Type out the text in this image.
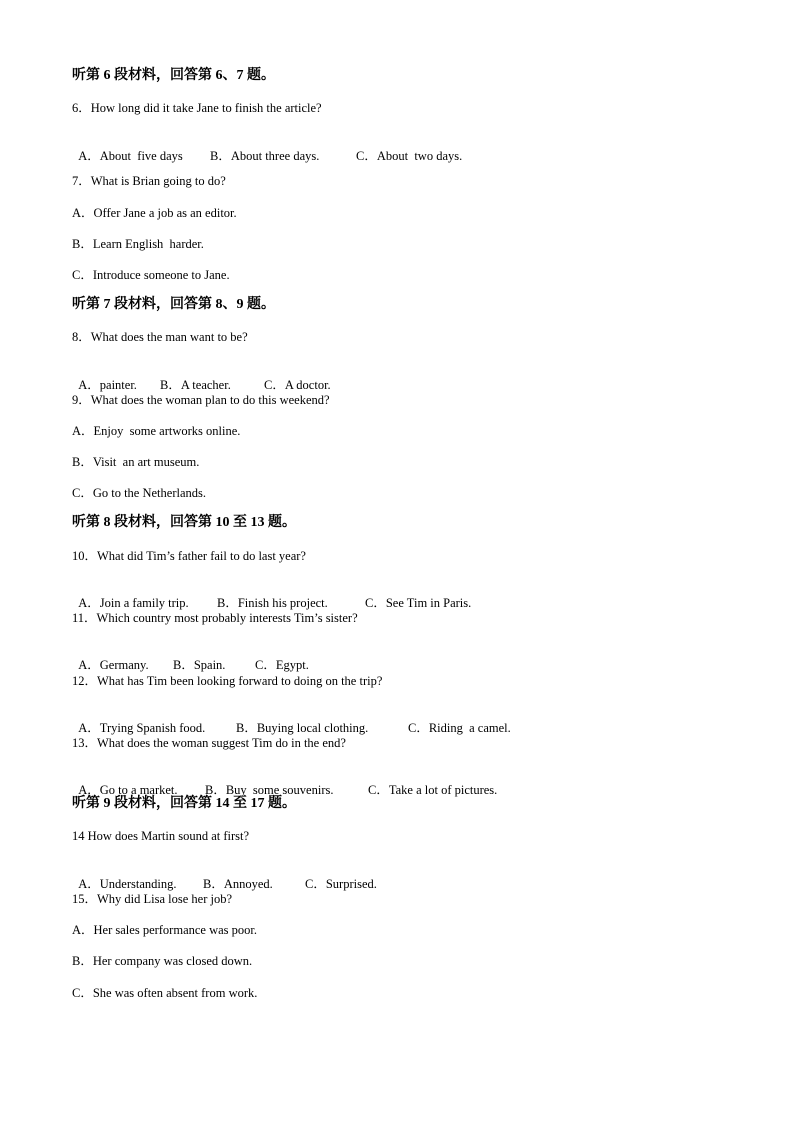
听第 6 段材料，回答第 6、7 题。
6．How long did it take Jane to finish the article?

A．About  five days B．About three days.	C．About  two days.

7．What is Brian going to do?
A．Offer Jane a job as an editor.
B．Learn English  harder.
C．Introduce someone to Jane.
听第 7 段材料，回答第 8、9 题。
8．What does the man want to be?

A．painter. B．A teacher.	C．A doctor.

9．What does the woman plan to do this weekend?
A．Enjoy  some artworks online.
B．Visit  an art museum.
C．Go to the Netherlands.
听第 8 段材料，回答第 10 至 13 题。
10．What did Tim’s father fail to do last year?

A．Join a family trip. B．Finish his project.	C．See Tim in Paris.

11．Which country most probably interests Tim’s sister?

A．Germany. B．Spain. C．Egypt.

12．What has Tim been looking forward to doing on the trip?

A．Trying Spanish food. B．Buying local clothing.	C．Riding  a camel.

13．What does the woman suggest Tim do in the end?

A．Go to a market. B．Buy  some souvenirs.	C．Take a lot of pictures.

听第 9 段材料，回答第 14 至 17 题。
14 How does Martin sound at first?

A．Understanding. B．Annoyed.	C．Surprised.

15．Why did Lisa lose her job?
A．Her sales performance was poor.
B．Her company was closed down.
C．She was often absent from work.
